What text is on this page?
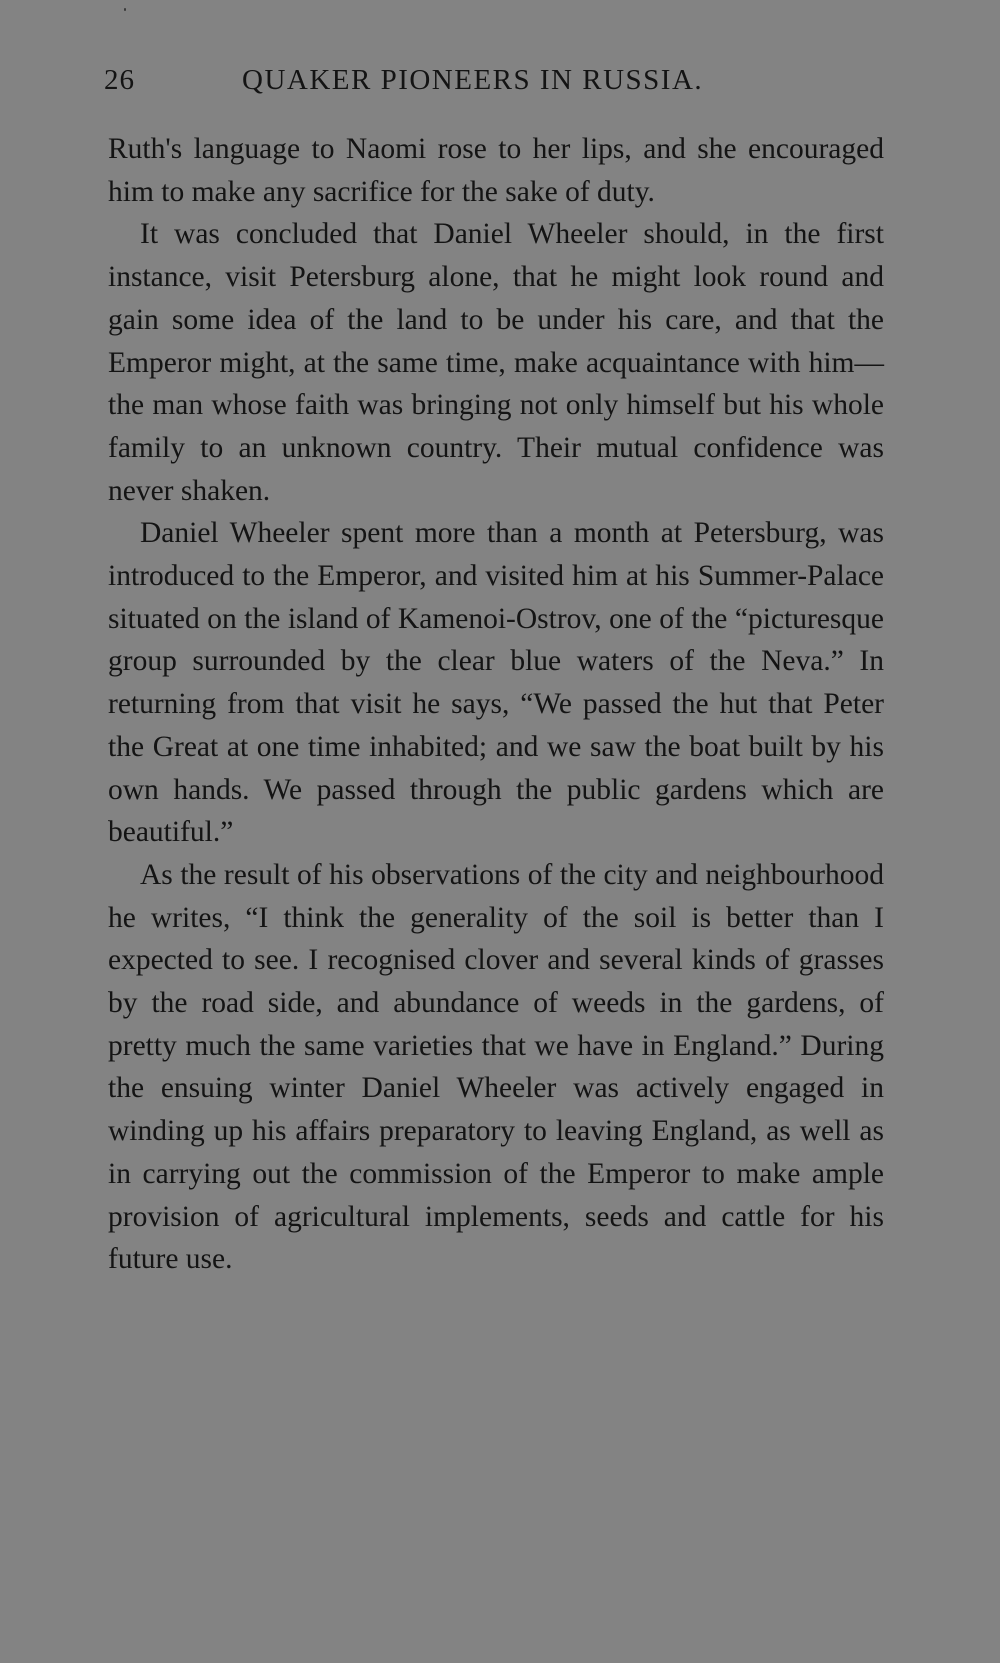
26	QUAKER PIONEERS IN RUSSIA.

Ruth's language to Naomi rose to her lips, and she encouraged him to make any sacrifice for the sake of duty.

It was concluded that Daniel Wheeler should, in the first instance, visit Petersburg alone, that he might look round and gain some idea of the land to be under his care, and that the Emperor might, at the same time, make acquaintance with him—the man whose faith was bringing not only himself but his whole family to an unknown country. Their mutual confidence was never shaken.

Daniel Wheeler spent more than a month at Petersburg, was introduced to the Emperor, and visited him at his Summer-Palace situated on the island of Kamenoi-Ostrov, one of the “picturesque group surrounded by the clear blue waters of the Neva.” In returning from that visit he says, “We passed the hut that Peter the Great at one time inhabited; and we saw the boat built by his own hands. We passed through the public gardens which are beautiful.”

As the result of his observations of the city and neighbourhood he writes, “I think the generality of the soil is better than I expected to see. I recognised clover and several kinds of grasses by the road side, and abundance of weeds in the gardens, of pretty much the same varieties that we have in England.” During the ensuing winter Daniel Wheeler was actively engaged in winding up his affairs preparatory to leaving England, as well as in carrying out the commission of the Emperor to make ample provision of agricultural implements, seeds and cattle for his future use.
